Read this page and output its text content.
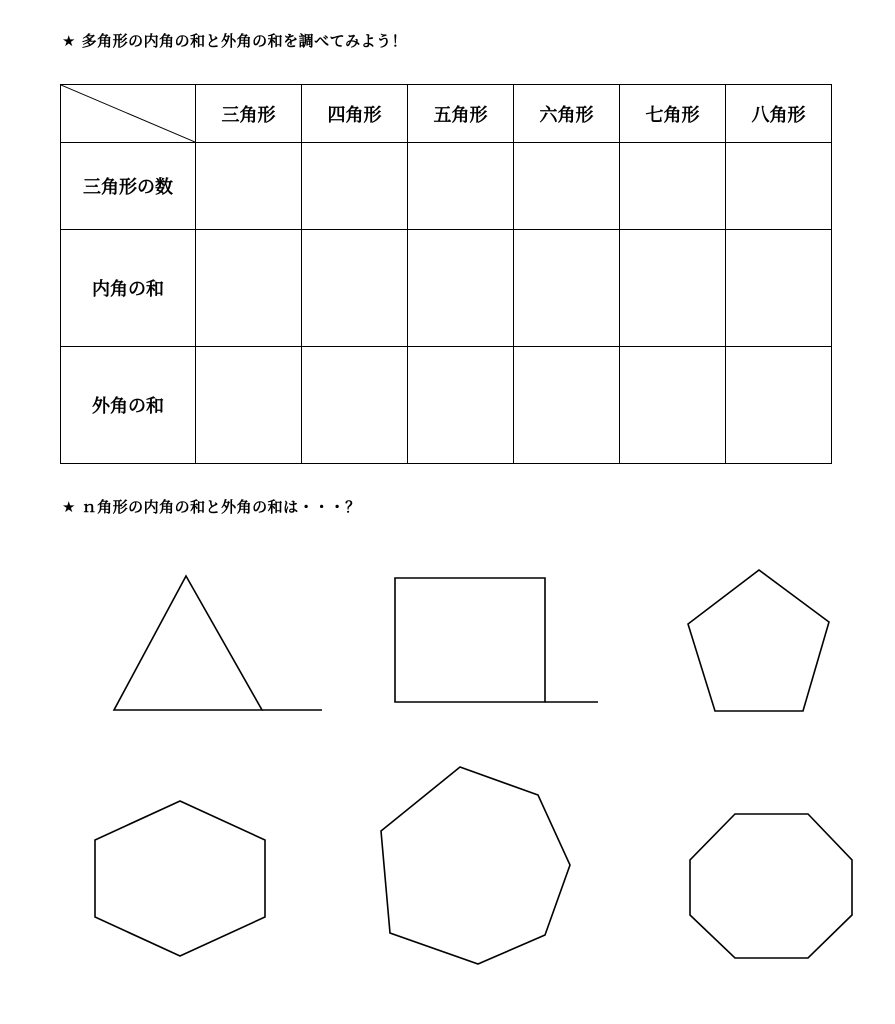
★ 多角形の内角の和と外角の和を調べてみよう！
	三角形	四角形	五角形	六角形	七角形	八角形
三角形の数						
内角の和						
外角の和						
★ ｎ角形の内角の和と外角の和は・・・？
